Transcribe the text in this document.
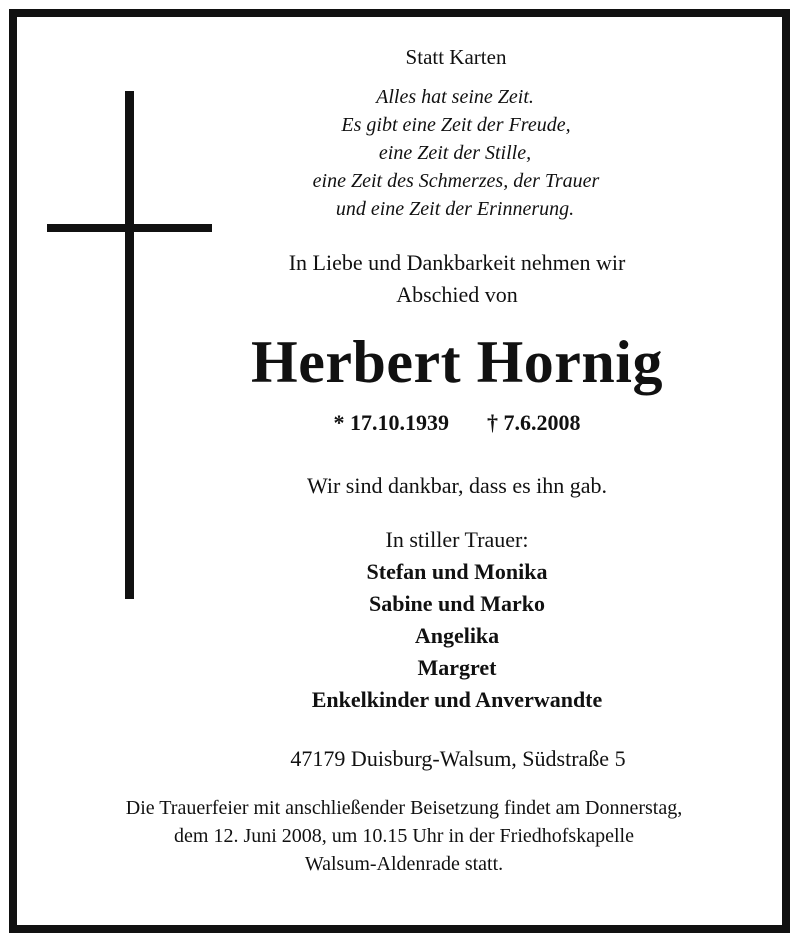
Statt Karten
Alles hat seine Zeit.
Es gibt eine Zeit der Freude,
eine Zeit der Stille,
eine Zeit des Schmerzes, der Trauer
und eine Zeit der Erinnerung.
In Liebe und Dankbarkeit nehmen wir
Abschied von
Herbert Hornig
* 17.10.1939 † 7.6.2008
Wir sind dankbar, dass es ihn gab.
In stiller Trauer:
Stefan und Monika
Sabine und Marko
Angelika
Margret
Enkelkinder und Anverwandte
47179 Duisburg-Walsum, Südstraße 5
Die Trauerfeier mit anschließender Beisetzung findet am Donnerstag,
dem 12. Juni 2008, um 10.15 Uhr in der Friedhofskapelle
Walsum-Aldenrade statt.
